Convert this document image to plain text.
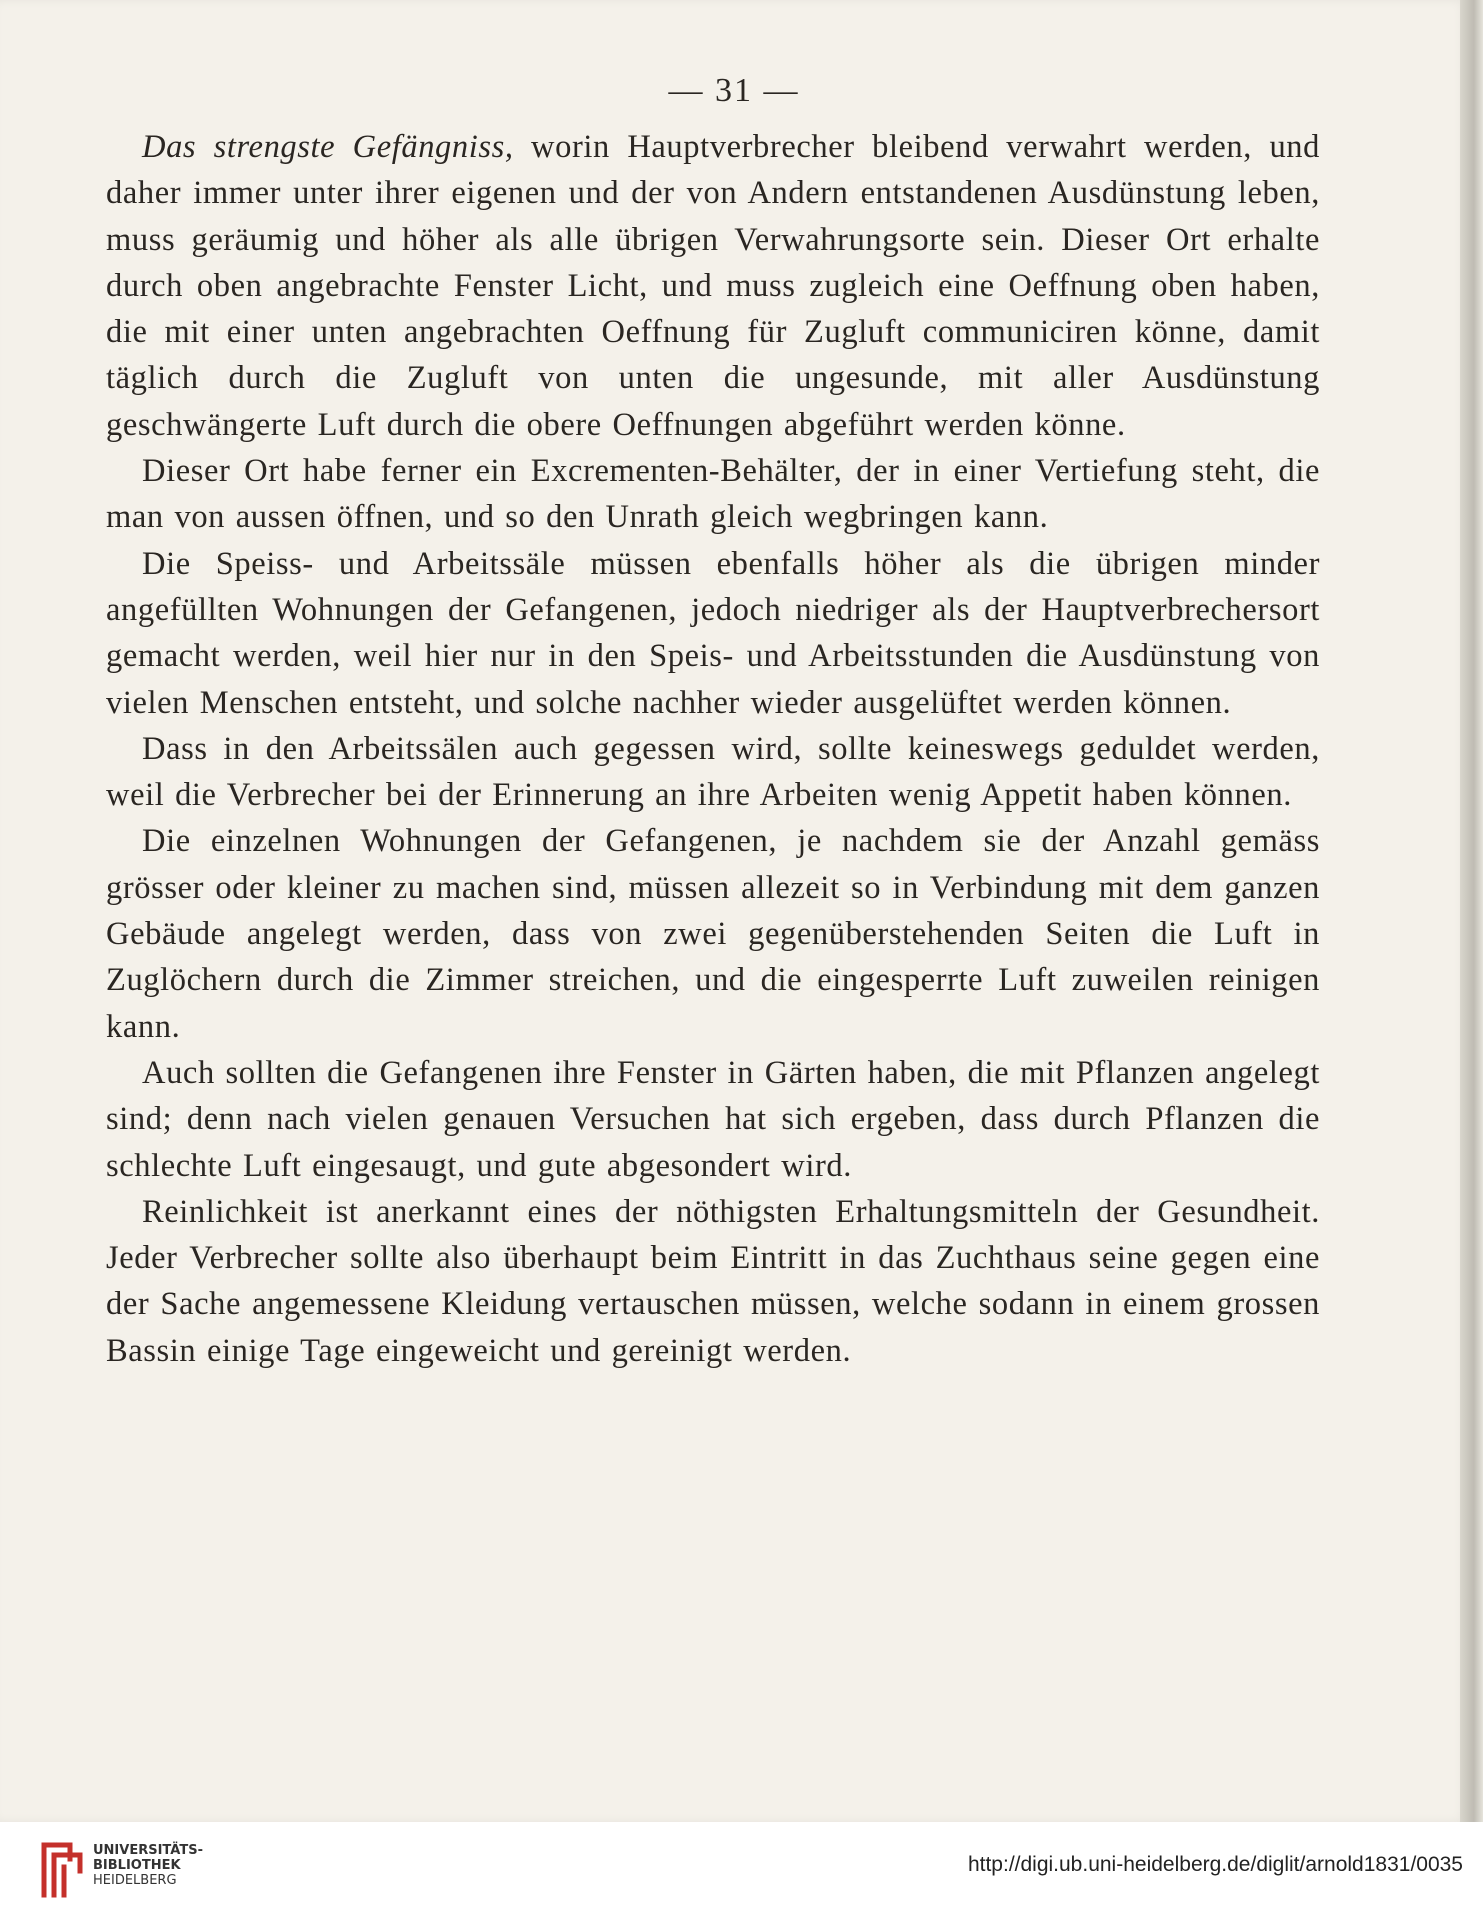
— 31 —

Das strengste Gefängniss, worin Hauptverbrecher bleibend verwahrt werden, und daher immer unter ihrer eigenen und der von Andern entstandenen Ausdünstung leben, muss geräumig und höher als alle übrigen Verwahrungsorte sein. Dieser Ort erhalte durch oben angebrachte Fenster Licht, und muss zugleich eine Oeffnung oben haben, die mit einer unten angebrachten Oeffnung für Zugluft communiciren könne, damit täglich durch die Zugluft von unten die ungesunde, mit aller Ausdünstung geschwängerte Luft durch die obere Oeffnungen abgeführt werden könne.

Dieser Ort habe ferner ein Excrementen-Behälter, der in einer Vertiefung steht, die man von aussen öffnen, und so den Unrath gleich wegbringen kann.

Die Speiss- und Arbeitssäle müssen ebenfalls höher als die übrigen minder angefüllten Wohnungen der Gefangenen, jedoch niedriger als der Hauptverbrechersort gemacht werden, weil hier nur in den Speis- und Arbeitsstunden die Ausdünstung von vielen Menschen entsteht, und solche nachher wieder ausgelüftet werden können.

Dass in den Arbeitssälen auch gegessen wird, sollte keineswegs geduldet werden, weil die Verbrecher bei der Erinnerung an ihre Arbeiten wenig Appetit haben können.

Die einzelnen Wohnungen der Gefangenen, je nachdem sie der Anzahl gemäss grösser oder kleiner zu machen sind, müssen allezeit so in Verbindung mit dem ganzen Gebäude angelegt werden, dass von zwei gegenüberstehenden Seiten die Luft in Zuglöchern durch die Zimmer streichen, und die eingesperrte Luft zuweilen reinigen kann.

Auch sollten die Gefangenen ihre Fenster in Gärten haben, die mit Pflanzen angelegt sind; denn nach vielen genauen Versuchen hat sich ergeben, dass durch Pflanzen die schlechte Luft eingesaugt, und gute abgesondert wird.

Reinlichkeit ist anerkannt eines der nöthigsten Erhaltungsmitteln der Gesundheit. Jeder Verbrecher sollte also überhaupt beim Eintritt in das Zuchthaus seine gegen eine der Sache angemessene Kleidung vertauschen müssen, welche sodann in einem grossen Bassin einige Tage eingeweicht und gereinigt werden.

UNIVERSITÄTS-
BIBLIOTHEK
HEIDELBERG
http://digi.ub.uni-heidelberg.de/diglit/arnold1831/0035
